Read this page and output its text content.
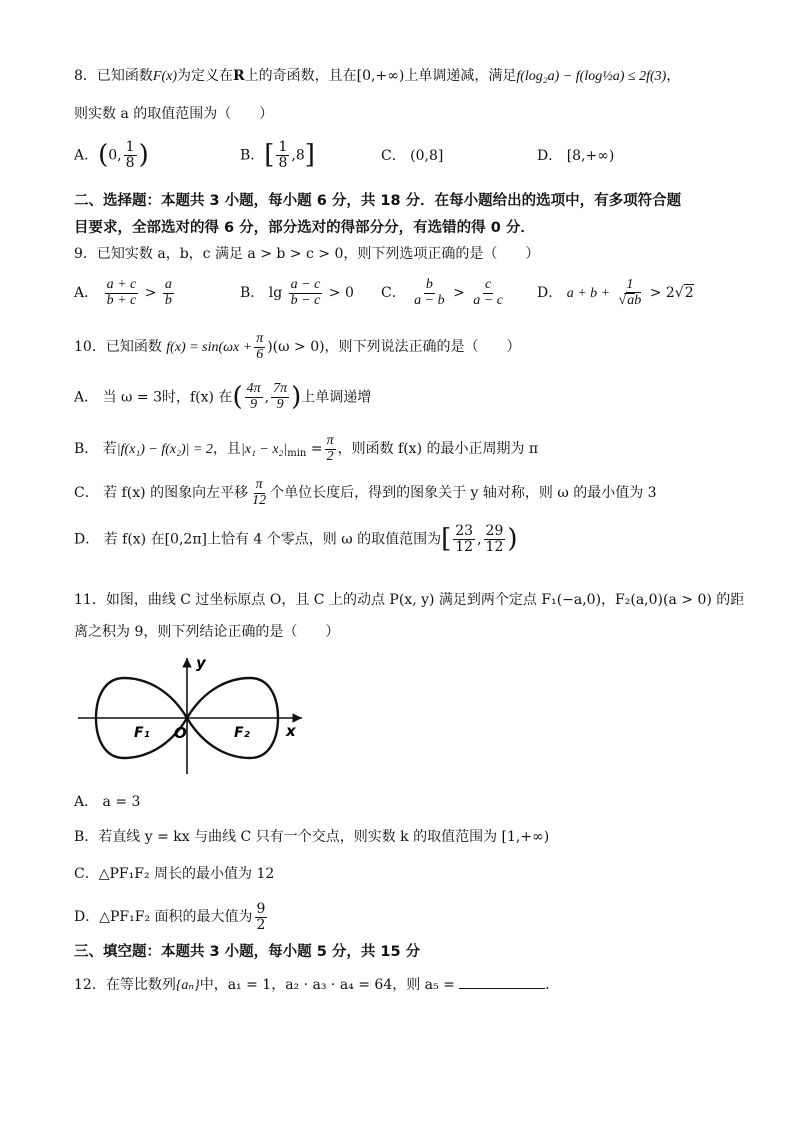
8．已知函数F(x)为定义在R上的奇函数，且在[0,+∞)上单调递减，满足f(log₂a) − f(log½a) ≤ 2f(3)，
则实数 a 的取值范围为（　　）
A．(0, $\frac{1}{8}$ )	B．[ $\frac{1}{8} ,8$]	C． (0,8]	D． [8,+∞)
二、选择题：本题共 3 小题，每小题 6 分，共 18 分．在每小题给出的选项中，有多项符合题
目要求，全部选对的得 6 分，部分选对的得部分分，有选错的得 0 分．
9．已知实数 a，b，c 满足 a > b > c > 0，则下列选项正确的是（　　）
A． $\frac{a + c}{b + c} > \frac{a}{b}$	B． $\lg \frac{a - c}{b - c} > 0$ C． $\frac{b}{a - b} > \frac{c}{a - c}$ D． $a + b + \frac{1}{√ab} > 2√2$
10．已知函数 $f(x) = \sin(\omega x + \frac{\pi}{6} )(\omega > 0)$，则下列说法正确的是（　　）
A． 当 ω = 3时，f(x) 在( $\frac{4\pi}{9}$ , $\frac{7\pi}{9}$ )上单调递增
B． 若|f(x₁) − f(x₂)| = 2，且$|x_1 - x_2|_{min} = \frac{\pi}{2}$ ，则函数 f(x) 的最小正周期为 π
C． 若 f(x) 的图象向左平移 $\frac{\pi}{12}$ 个单位长度后，得到的图象关于 y 轴对称，则 ω 的最小值为 3
D． 若 f(x) 在[0,2π]上恰有 4 个零点，则 ω 的取值范围为[ $\frac{23}{12}$ , $\frac{29}{12}$ )
11．如图，曲线 C 过坐标原点 O，且 C 上的动点 P(x, y) 满足到两个定点 F₁(−a,0)，F₂(a,0)(a > 0) 的距
离之积为 9，则下列结论正确的是（　　）
y
x
O
F₁	F₂
A． a = 3
B．若直线 y = kx 与曲线 C 只有一个交点，则实数 k 的取值范围为 [1,+∞)
C．△PF₁F₂ 周长的最小值为 12
D．△PF₁F₂ 面积的最大值为 $\frac{9}{2}$
三、填空题：本题共 3 小题，每小题 5 分，共 15 分
12．在等比数列{aₙ}中，a₁ = 1，a₂ · a₃ · a₄ = 64，则 a₅ =	．
